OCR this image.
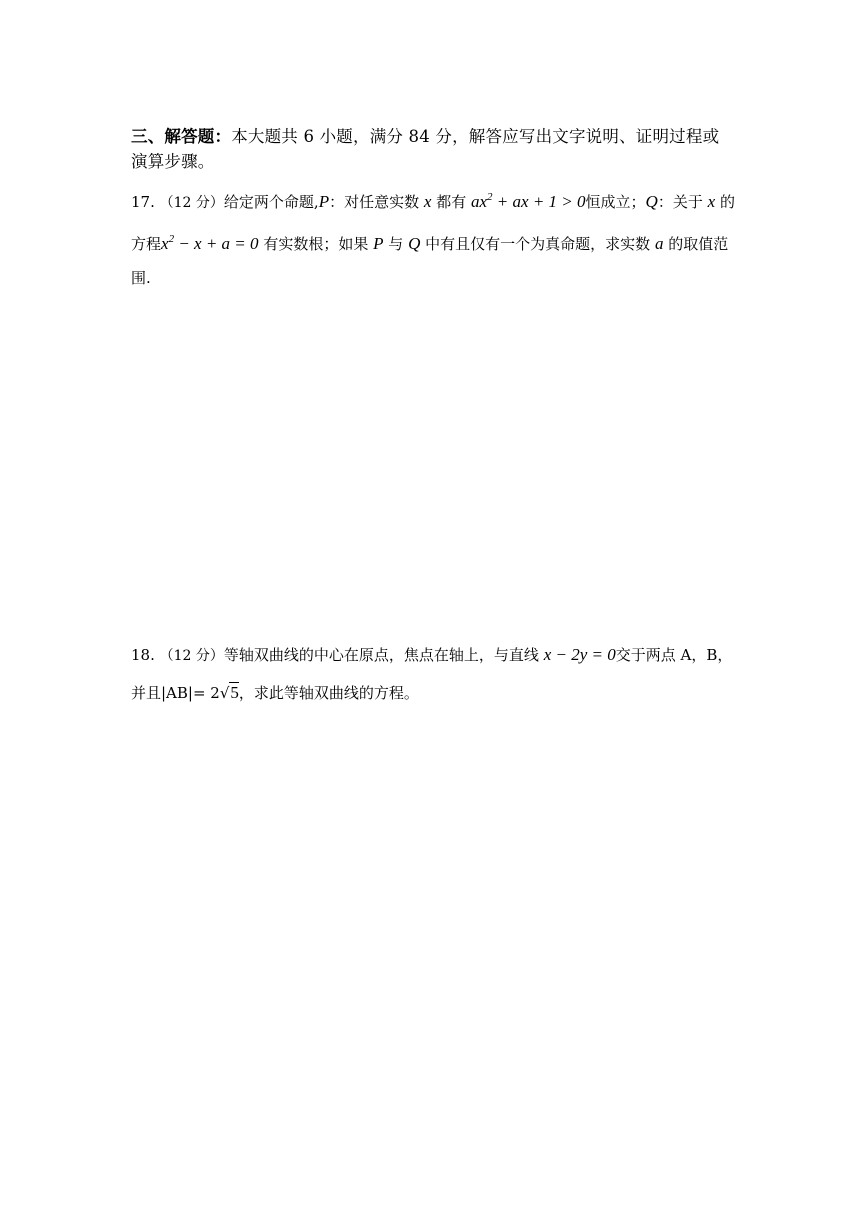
三、解答题：本大题共 6 小题，满分 84 分，解答应写出文字说明、证明过程或
演算步骤。
17. （12 分）给定两个命题,P：对任意实数 x 都有 $ax^2$ + ax + 1 > 0恒成立；Q：关于 x 的
方程$x^2 - x + a = 0$ 有实数根；如果 P 与 Q 中有且仅有一个为真命题，求实数 a 的取值范
围.
18. （12 分）等轴双曲线的中心在原点，焦点在轴上，与直线 x − 2y = 0交于两点 A，B，
并且|AB|= 2√5，求此等轴双曲线的方程。
